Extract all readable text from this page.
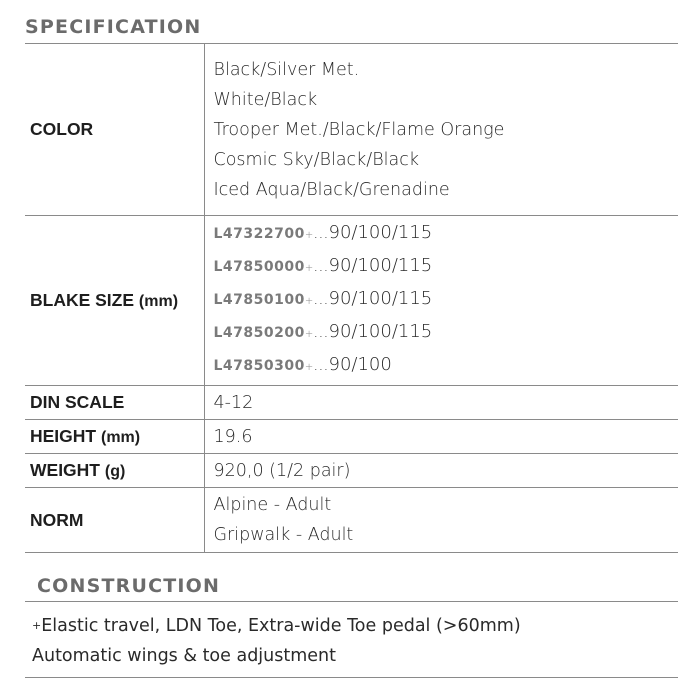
SPECIFICATION
COLOR	Black/Silver Met.
White/Black
Trooper Met./Black/Flame Orange
Cosmic Sky/Black/Black
Iced Aqua/Black/Grenadine

BLAKE SIZE (mm)	L47322700+...90/100/115
L47850000+...90/100/115
L47850100+...90/100/115
L47850200+...90/100/115
L47850300+...90/100

DIN SCALE	4-12
HEIGHT (mm)	19.6
WEIGHT (g)	920,0 (1/2 pair)
NORM	Alpine - Adult
Gripwalk - Adult
CONSTRUCTION
+Elastic travel, LDN Toe, Extra-wide Toe pedal (>60mm)
Automatic wings & toe adjustment
